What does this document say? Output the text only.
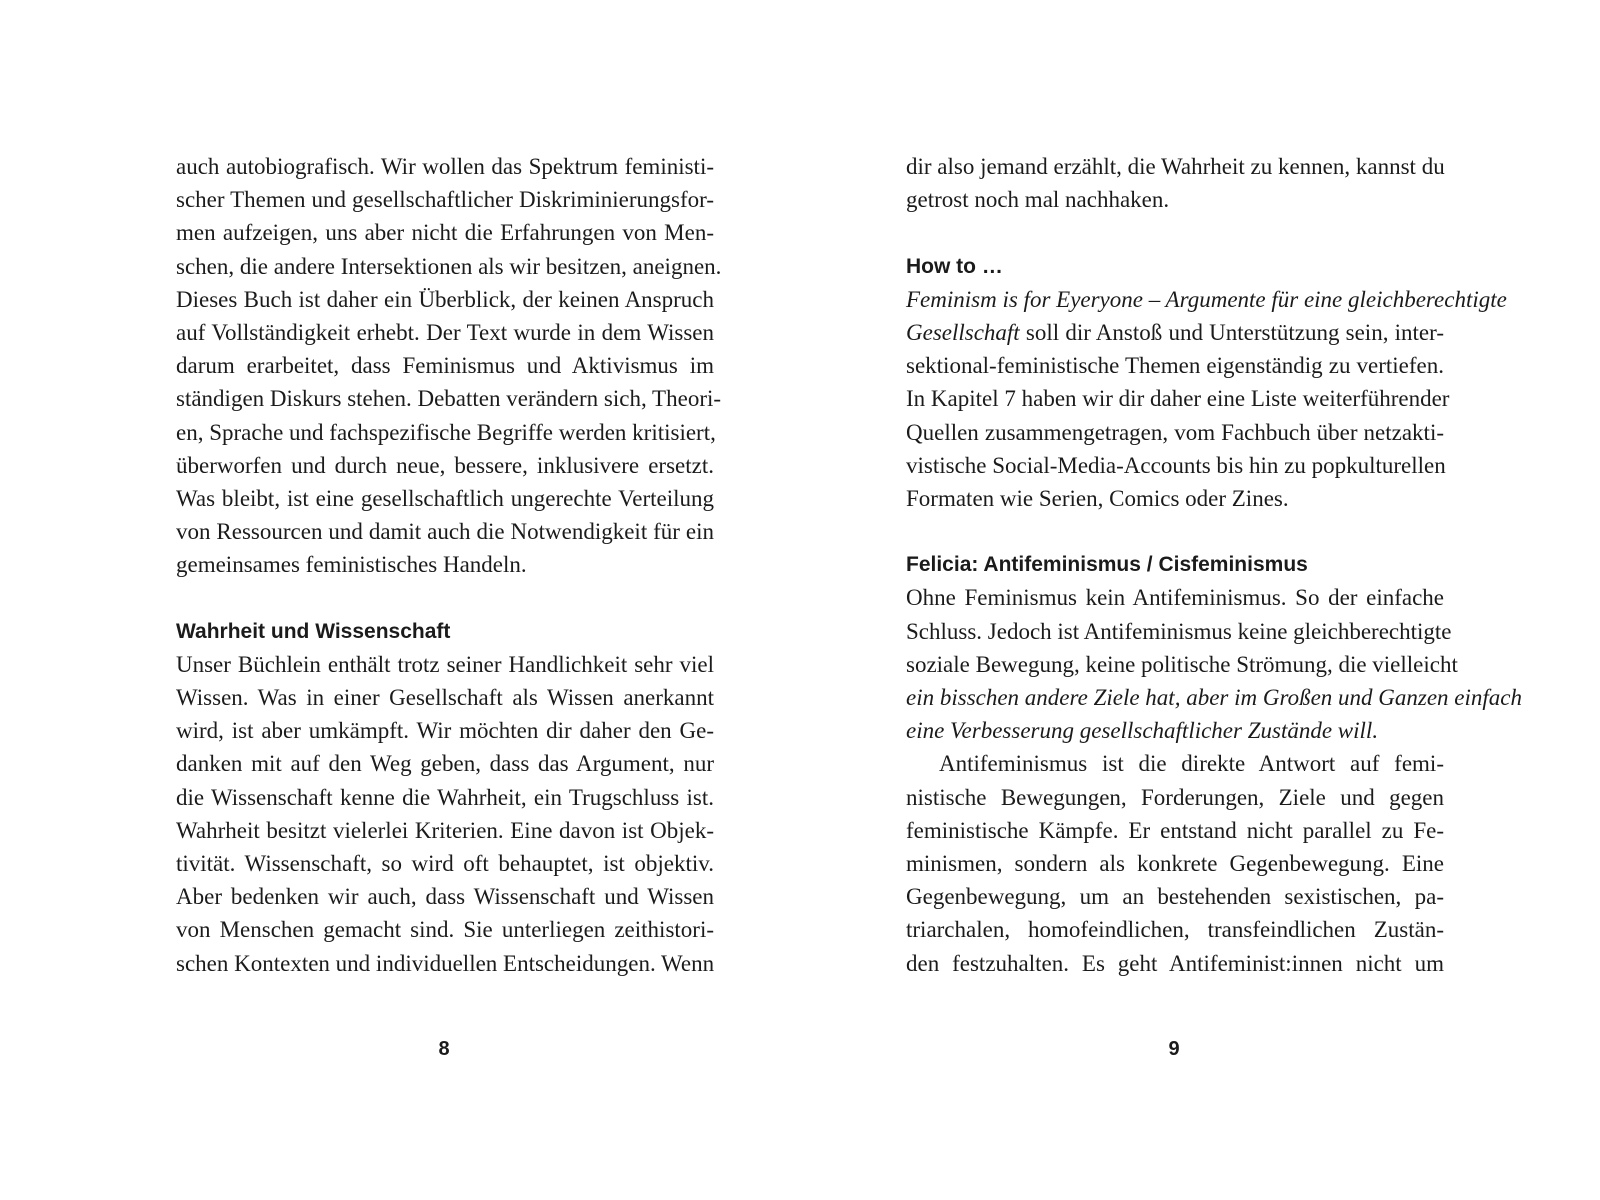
auch autobiografisch. Wir wollen das Spektrum feministi-
scher Themen und gesellschaftlicher Diskriminierungsfor-
men aufzeigen, uns aber nicht die Erfahrungen von Men-
schen, die andere Intersektionen als wir besitzen, aneignen.
Dieses Buch ist daher ein Überblick, der keinen Anspruch
auf Vollständigkeit erhebt. Der Text wurde in dem Wissen
darum erarbeitet, dass Feminismus und Aktivismus im
ständigen Diskurs stehen. Debatten verändern sich, Theori-
en, Sprache und fachspezifische Begriffe werden kritisiert,
überworfen und durch neue, bessere, inklusivere ersetzt.
Was bleibt, ist eine gesellschaftlich ungerechte Verteilung
von Ressourcen und damit auch die Notwendigkeit für ein
gemeinsames feministisches Handeln.
Wahrheit und Wissenschaft
Unser Büchlein enthält trotz seiner Handlichkeit sehr viel
Wissen. Was in einer Gesellschaft als Wissen anerkannt
wird, ist aber umkämpft. Wir möchten dir daher den Ge-
danken mit auf den Weg geben, dass das Argument, nur
die Wissenschaft kenne die Wahrheit, ein Trugschluss ist.
Wahrheit besitzt vielerlei Kriterien. Eine davon ist Objek-
tivität. Wissenschaft, so wird oft behauptet, ist objektiv.
Aber bedenken wir auch, dass Wissenschaft und Wissen
von Menschen gemacht sind. Sie unterliegen zeithistori-
schen Kontexten und individuellen Entscheidungen. Wenn
8
dir also jemand erzählt, die Wahrheit zu kennen, kannst du
getrost noch mal nachhaken.
How to …
Feminism is for Eyeryone – Argumente für eine gleichberechtigte
Gesellschaft soll dir Anstoß und Unterstützung sein, inter-
sektional-feministische Themen eigenständig zu vertiefen.
In Kapitel 7 haben wir dir daher eine Liste weiterführender
Quellen zusammengetragen, vom Fachbuch über netzakti-
vistische Social-Media-Accounts bis hin zu popkulturellen
Formaten wie Serien, Comics oder Zines.
Felicia: Antifeminismus / Cisfeminismus
Ohne Feminismus kein Antifeminismus. So der einfache
Schluss. Jedoch ist Antifeminismus keine gleichberechtigte
soziale Bewegung, keine politische Strömung, die vielleicht
ein bisschen andere Ziele hat, aber im Großen und Ganzen einfach
eine Verbesserung gesellschaftlicher Zustände will.
Antifeminismus ist die direkte Antwort auf femi-
nistische Bewegungen, Forderungen, Ziele und gegen
feministische Kämpfe. Er entstand nicht parallel zu Fe-
minismen, sondern als konkrete Gegenbewegung. Eine
Gegenbewegung, um an bestehenden sexistischen, pa-
triarchalen, homofeindlichen, transfeindlichen Zustän-
den festzuhalten. Es geht Antifeminist:innen nicht um
9
